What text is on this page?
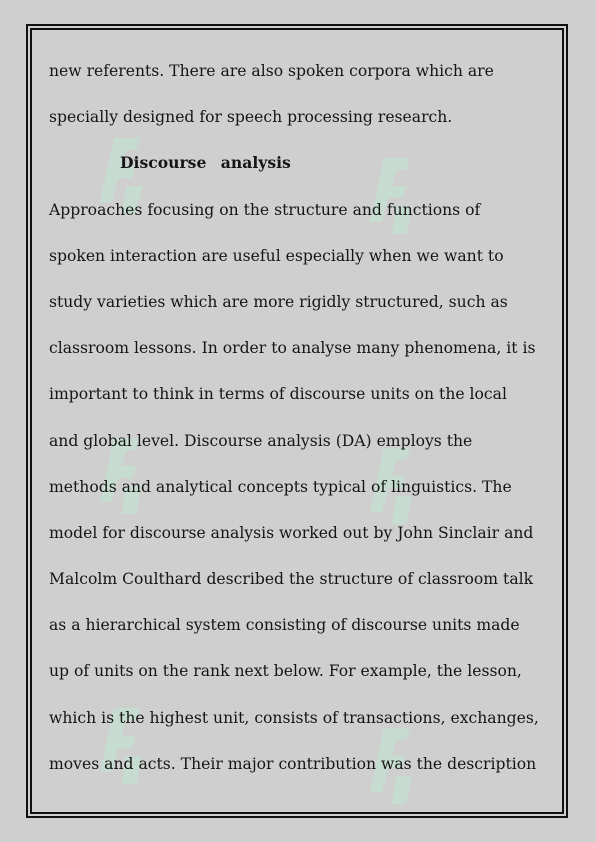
new referents. There are also spoken corpora which are
specially designed for speech processing research.
Discourse analysis
Approaches focusing on the structure and functions of
spoken interaction are useful especially when we want to
study varieties which are more rigidly structured, such as
classroom lessons. In order to analyse many phenomena, it is
important to think in terms of discourse units on the local
and global level. Discourse analysis (DA) employs the
methods and analytical concepts typical of linguistics. The
model for discourse analysis worked out by John Sinclair and
Malcolm Coulthard described the structure of classroom talk
as a hierarchical system consisting of discourse units made
up of units on the rank next below. For example, the lesson,
which is the highest unit, consists of transactions, exchanges,
moves and acts. Their major contribution was the description
